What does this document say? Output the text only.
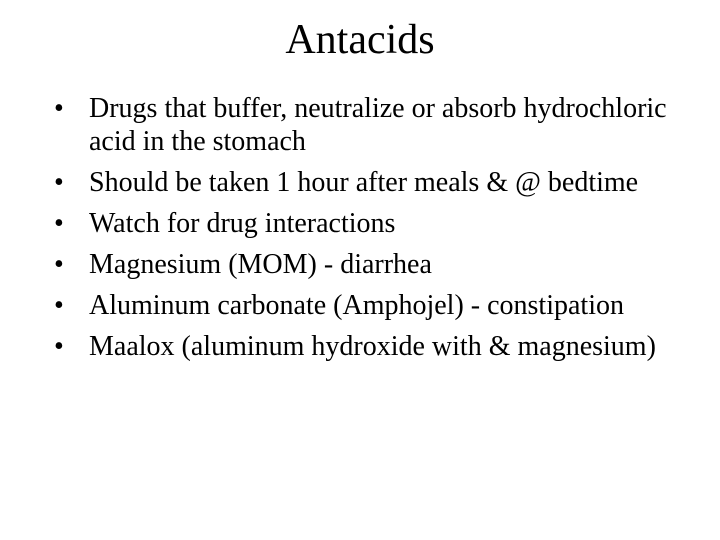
Antacids
• Drugs that buffer, neutralize or absorb hydrochloric acid in the stomach
• Should be taken 1 hour after meals & @ bedtime
• Watch for drug interactions
• Magnesium (MOM) - diarrhea
• Aluminum carbonate (Amphojel) - constipation
• Maalox (aluminum hydroxide with & magnesium)
